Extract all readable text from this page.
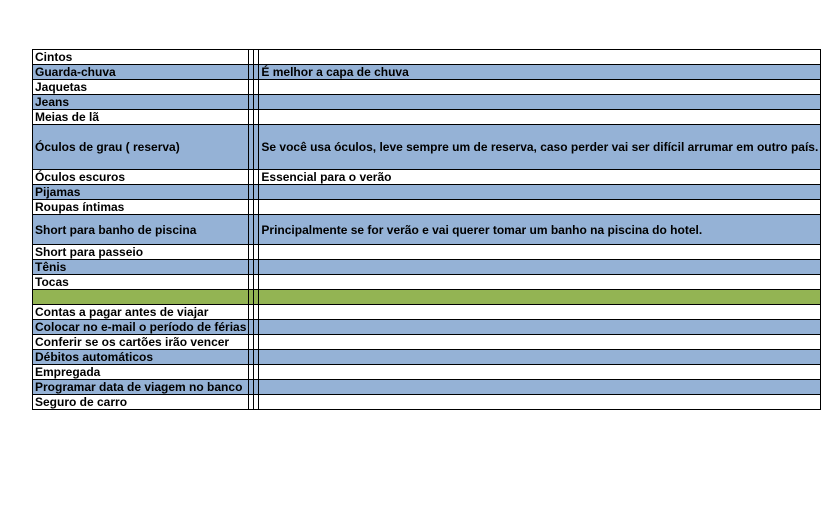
Cintos			
Guarda-chuva			É melhor a capa de chuva
Jaquetas			
Jeans			
Meias de lã			
Óculos de grau ( reserva)			Se você usa óculos, leve sempre um de reserva, caso perder vai ser difícil arrumar em outro país.
Óculos escuros			Essencial para o verão
Pijamas			
Roupas íntimas			
Short para banho de piscina			Principalmente se for verão e vai querer tomar um banho na piscina do hotel.
Short para passeio			
Tênis			
Tocas			

Contas a pagar antes de viajar			
Colocar no e-mail o período de férias			
Conferir se os cartões irão vencer			
Débitos automáticos			
Empregada			
Programar data de viagem no banco			
Seguro de carro			
